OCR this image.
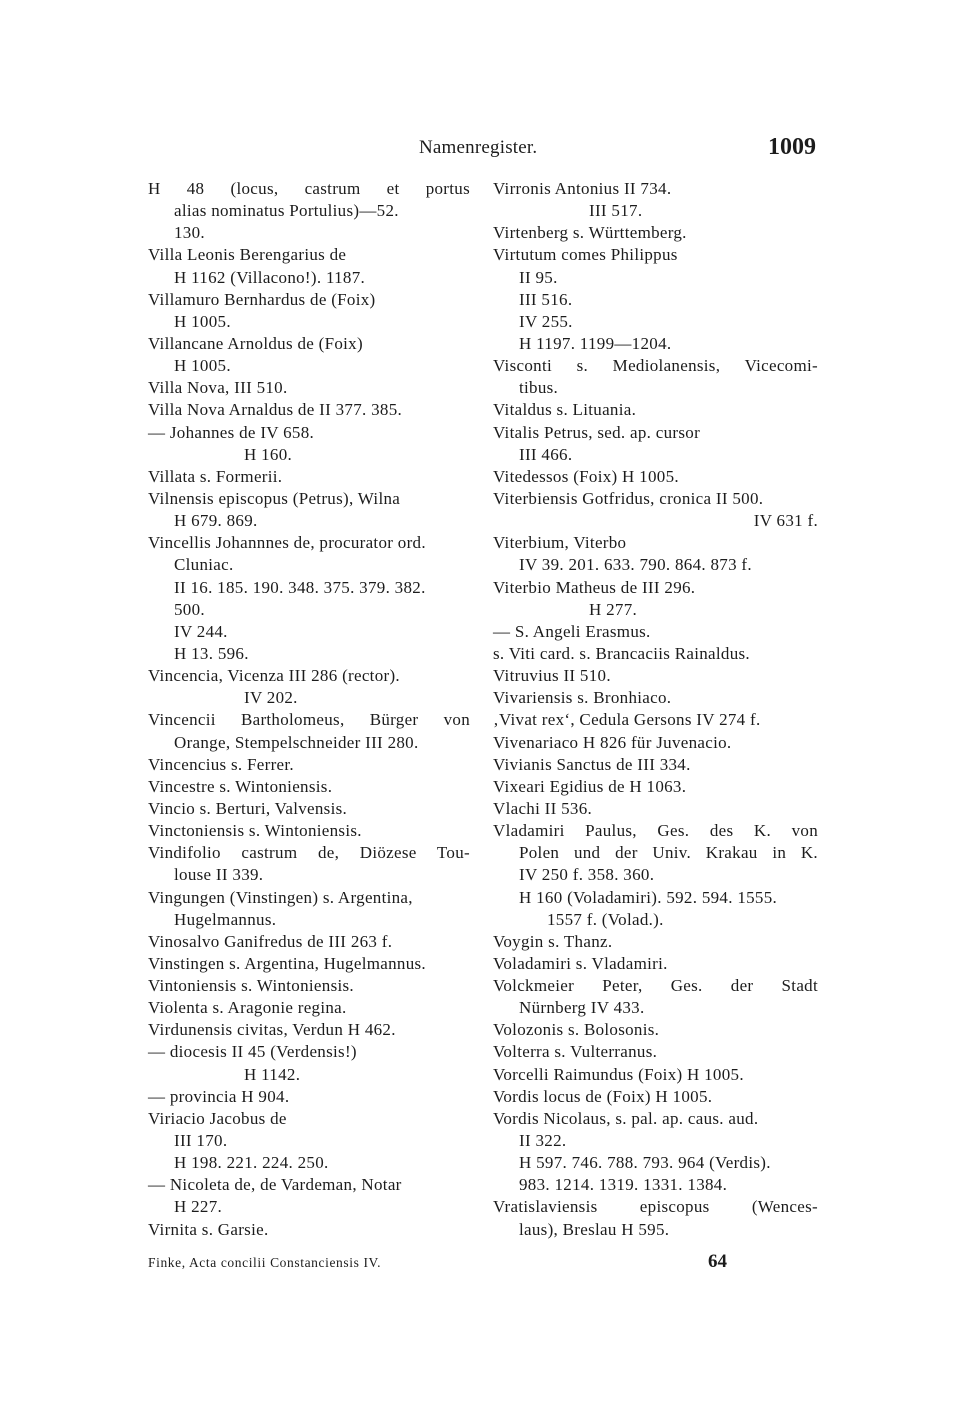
Namenregister.	1009
H 48 (locus, castrum et portus
alias nominatus Portulius)—52.
130.
Villa Leonis Berengarius de
H 1162 (Villacono!). 1187.
Villamuro Bernhardus de (Foix)
H 1005.
Villancane Arnoldus de (Foix)
H 1005.
Villa Nova, III 510.
Villa Nova Arnaldus de II 377. 385.
— Johannes de IV 658.
H 160.
Villata s. Formerii.
Vilnensis episcopus (Petrus), Wilna
H 679. 869.
Vincellis Johannnes de, procurator ord.
Cluniac.
II 16. 185. 190. 348. 375. 379. 382.
500.
IV 244.
H 13. 596.
Vincencia, Vicenza III 286 (rector).
IV 202.
Vincencii Bartholomeus, Bürger von
Orange, Stempelschneider III 280.
Vincencius s. Ferrer.
Vincestre s. Wintoniensis.
Vincio s. Berturi, Valvensis.
Vinctoniensis s. Wintoniensis.
Vindifolio castrum de, Diözese Tou-
louse II 339.
Vingungen (Vinstingen) s. Argentina,
Hugelmannus.
Vinosalvo Ganifredus de III 263 f.
Vinstingen s. Argentina, Hugelmannus.
Vintoniensis s. Wintoniensis.
Violenta s. Aragonie regina.
Virdunensis civitas, Verdun H 462.
— diocesis II 45 (Verdensis!)
H 1142.
— provincia H 904.
Viriacio Jacobus de
III 170.
H 198. 221. 224. 250.
— Nicoleta de, de Vardeman, Notar
H 227.
Virnita s. Garsie.
Virronis Antonius II 734.
III 517.
Virtenberg s. Württemberg.
Virtutum comes Philippus
II 95.
III 516.
IV 255.
H 1197. 1199—1204.
Visconti s. Mediolanensis, Vicecomi-
tibus.
Vitaldus s. Lituania.
Vitalis Petrus, sed. ap. cursor
III 466.
Vitedessos (Foix) H 1005.
Viterbiensis Gotfridus, cronica II 500.
IV 631 f.
Viterbium, Viterbo
IV 39. 201. 633. 790. 864. 873 f.
Viterbio Matheus de III 296.
H 277.
— S. Angeli Erasmus.
s. Viti card. s. Brancaciis Rainaldus.
Vitruvius II 510.
Vivariensis s. Bronhiaco.
‚Vivat rex‘, Cedula Gersons IV 274 f.
Vivenariaco H 826 für Juvenacio.
Vivianis Sanctus de III 334.
Vixeari Egidius de H 1063.
Vlachi II 536.
Vladamiri Paulus, Ges. des K. von
Polen und der Univ. Krakau in K.
IV 250 f. 358. 360.
H 160 (Voladamiri). 592. 594. 1555.
1557 f. (Volad.).
Voygin s. Thanz.
Voladamiri s. Vladamiri.
Volckmeier Peter, Ges. der Stadt
Nürnberg IV 433.
Volozonis s. Bolosonis.
Volterra s. Vulterranus.
Vorcelli Raimundus (Foix) H 1005.
Vordis locus de (Foix) H 1005.
Vordis Nicolaus, s. pal. ap. caus. aud.
II 322.
H 597. 746. 788. 793. 964 (Verdis).
983. 1214. 1319. 1331. 1384.
Vratislaviensis episcopus (Wences-
laus), Breslau H 595.
Finke, Acta concilii Constanciensis IV.	64
